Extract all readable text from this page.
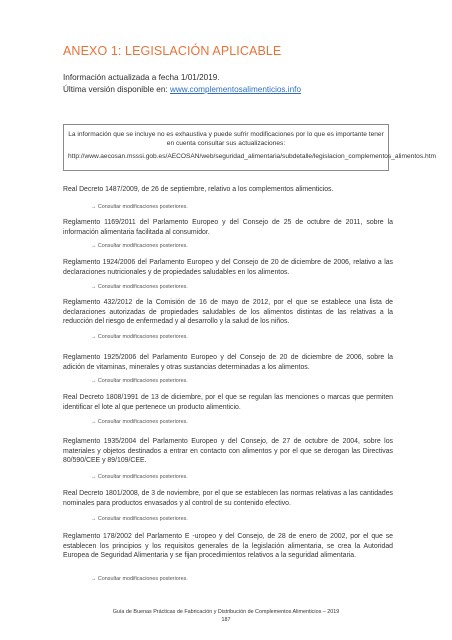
ANEXO 1: LEGISLACIÓN APLICABLE
Información actualizada a fecha 1/01/2019.
Última versión disponible en: www.complementosalimenticios.info
La información que se incluye no es exhaustiva y puede sufrir modificaciones por lo que es importante tener en cuenta consultar sus actualizaciones:
http://www.aecosan.msssi.gob.es/AECOSAN/web/seguridad_alimentaria/subdetalle/legislacion_complementos_alimentos.htm

Real Decreto 1487/2009, de 26 de septiembre, relativo a los complementos alimenticios.

→ Consultar modificaciones posteriores.

Reglamento 1169/2011 del Parlamento Europeo y del Consejo de 25 de octubre de 2011, sobre la información alimentaria facilitada al consumidor.

→ Consultar modificaciones posteriores.

Reglamento 1924/2006 del Parlamento Europeo y del Consejo de 20 de diciembre de 2006, relativo a las declaraciones nutricionales y de propiedades saludables en los alimentos.

→ Consultar modificaciones posteriores.

Reglamento 432/2012 de la Comisión de 16 de mayo de 2012, por el que se establece una lista de declaraciones autorizadas de propiedades saludables de los alimentos distintas de las relativas a la reducción del riesgo de enfermedad y al desarrollo y la salud de los niños.

→ Consultar modificaciones posteriores.

Reglamento 1925/2006 del Parlamento Europeo y del Consejo de 20 de diciembre de 2006, sobre la adición de vitaminas, minerales y otras sustancias determinadas a los alimentos.

→ Consultar modificaciones posteriores.

Real Decreto 1808/1991 de 13 de diciembre, por el que se regulan las menciones o marcas que permiten identificar el lote al que pertenece un producto alimenticio.

→ Consultar modificaciones posteriores.

Reglamento 1935/2004 del Parlamento Europeo y del Consejo, de 27 de octubre de 2004, sobre los materiales y objetos destinados a entrar en contacto con alimentos y por el que se derogan las Directivas 80/590/CEE y 89/109/CEE.

→ Consultar modificaciones posteriores.

Real Decreto 1801/2008, de 3 de noviembre, por el que se establecen las normas relativas a las cantidades nominales para productos envasados y al control de su contenido efectivo.

→ Consultar modificaciones posteriores.

Reglamento 178/2002 del Parlamento E -uropeo y del Consejo, de 28 de enero de 2002, por el que se establecen los principios y los requisitos generales de la legislación alimentaria, se crea la Autoridad Europea de Seguridad Alimentaria y se fijan procedimientos relativos a la seguridad alimentaria.

→ Consultar modificaciones posteriores.
Guía de Buenas Prácticas de Fabricación y Distribución de Complementos Alimenticios – 2019
187
